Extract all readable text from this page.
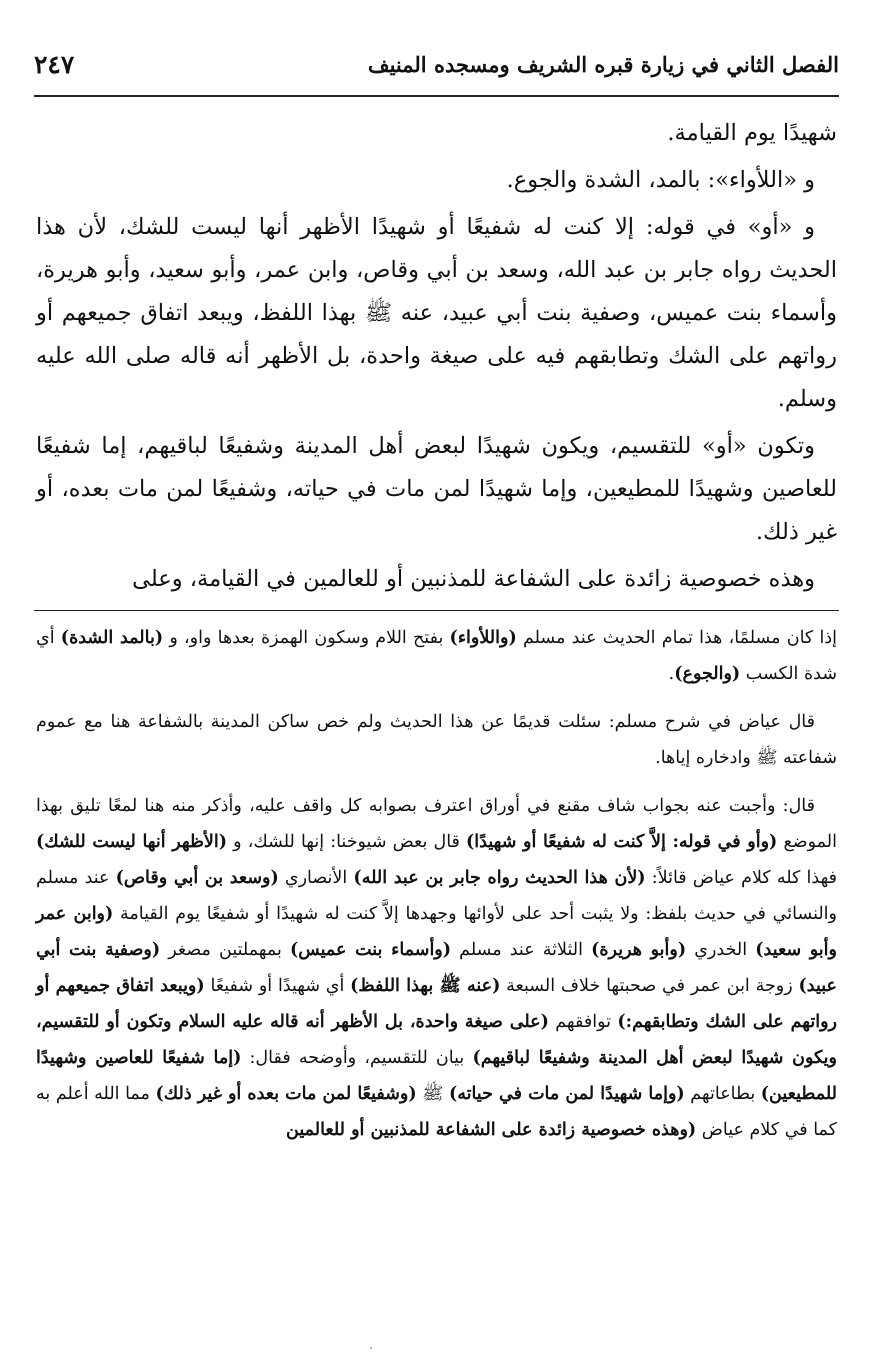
الفصل الثاني في زيارة قبره الشريف ومسجده المنيف
٢٤٧

شهيدًا يوم القيامة.

و «اللأواء»: بالمد، الشدة والجوع.

و «أو» في قوله: إلا كنت له شفيعًا أو شهيدًا الأظهر أنها ليست للشك، لأن هذا الحديث رواه جابر بن عبد الله، وسعد بن أبي وقاص، وابن عمر، وأبو سعيد، وأبو هريرة، وأسماء بنت عميس، وصفية بنت أبي عبيد، عنه ﷺ بهذا اللفظ، ويبعد اتفاق جميعهم أو رواتهم على الشك وتطابقهم فيه على صيغة واحدة، بل الأظهر أنه قاله صلى الله عليه وسلم.

وتكون «أو» للتقسيم، ويكون شهيدًا لبعض أهل المدينة وشفيعًا لباقيهم، إما شفيعًا للعاصين وشهيدًا للمطيعين، وإما شهيدًا لمن مات في حياته، وشفيعًا لمن مات بعده، أو غير ذلك.

وهذه خصوصية زائدة على الشفاعة للمذنبين أو للعالمين في القيامة، وعلى

إذا كان مسلمًا، هذا تمام الحديث عند مسلم (واللأواء) بفتح اللام وسكون الهمزة بعدها واو، و (بالمد الشدة) أي شدة الكسب (والجوع).

قال عياض في شرح مسلم: سئلت قديمًا عن هذا الحديث ولم خص ساكن المدينة بالشفاعة هنا مع عموم شفاعته ﷺ وادخاره إياها.

قال: وأجبت عنه بجواب شاف مقنع في أوراق اعترف بصوابه كل واقف عليه، وأذكر منه هنا لمعًا تليق بهذا الموضع (وأو في قوله: إلاَّ كنت له شفيعًا أو شهيدًا) قال بعض شيوخنا: إنها للشك، و (الأظهر أنها ليست للشك) فهذا كله كلام عياض قائلاً: (لأن هذا الحديث رواه جابر بن عبد الله) الأنصاري (وسعد بن أبي وقاص) عند مسلم والنسائي في حديث بلفظ: ولا يثبت أحد على لأوائها وجهدها إلاَّ كنت له شهيدًا أو شفيعًا يوم القيامة (وابن عمر وأبو سعيد) الخدري (وأبو هريرة) الثلاثة عند مسلم (وأسماء بنت عميس) بمهملتين مصغر (وصفية بنت أبي عبيد) زوجة ابن عمر في صحبتها خلاف السبعة (عنه ﷺ بهذا اللفظ) أي شهيدًا أو شفيعًا (ويبعد اتفاق جميعهم أو رواتهم على الشك وتطابقهم:) توافقهم (على صيغة واحدة، بل الأظهر أنه قاله عليه السلام وتكون أو للتقسيم، ويكون شهيدًا لبعض أهل المدينة وشفيعًا لباقيهم) بيان للتقسيم، وأوضحه فقال: (إما شفيعًا للعاصين وشهيدًا للمطيعين) بطاعاتهم (وإما شهيدًا لمن مات في حياته) ﷺ (وشفيعًا لمن مات بعده أو غير ذلك) مما الله أعلم به كما في كلام عياض (وهذه خصوصية زائدة على الشفاعة للمذنبين أو للعالمين
